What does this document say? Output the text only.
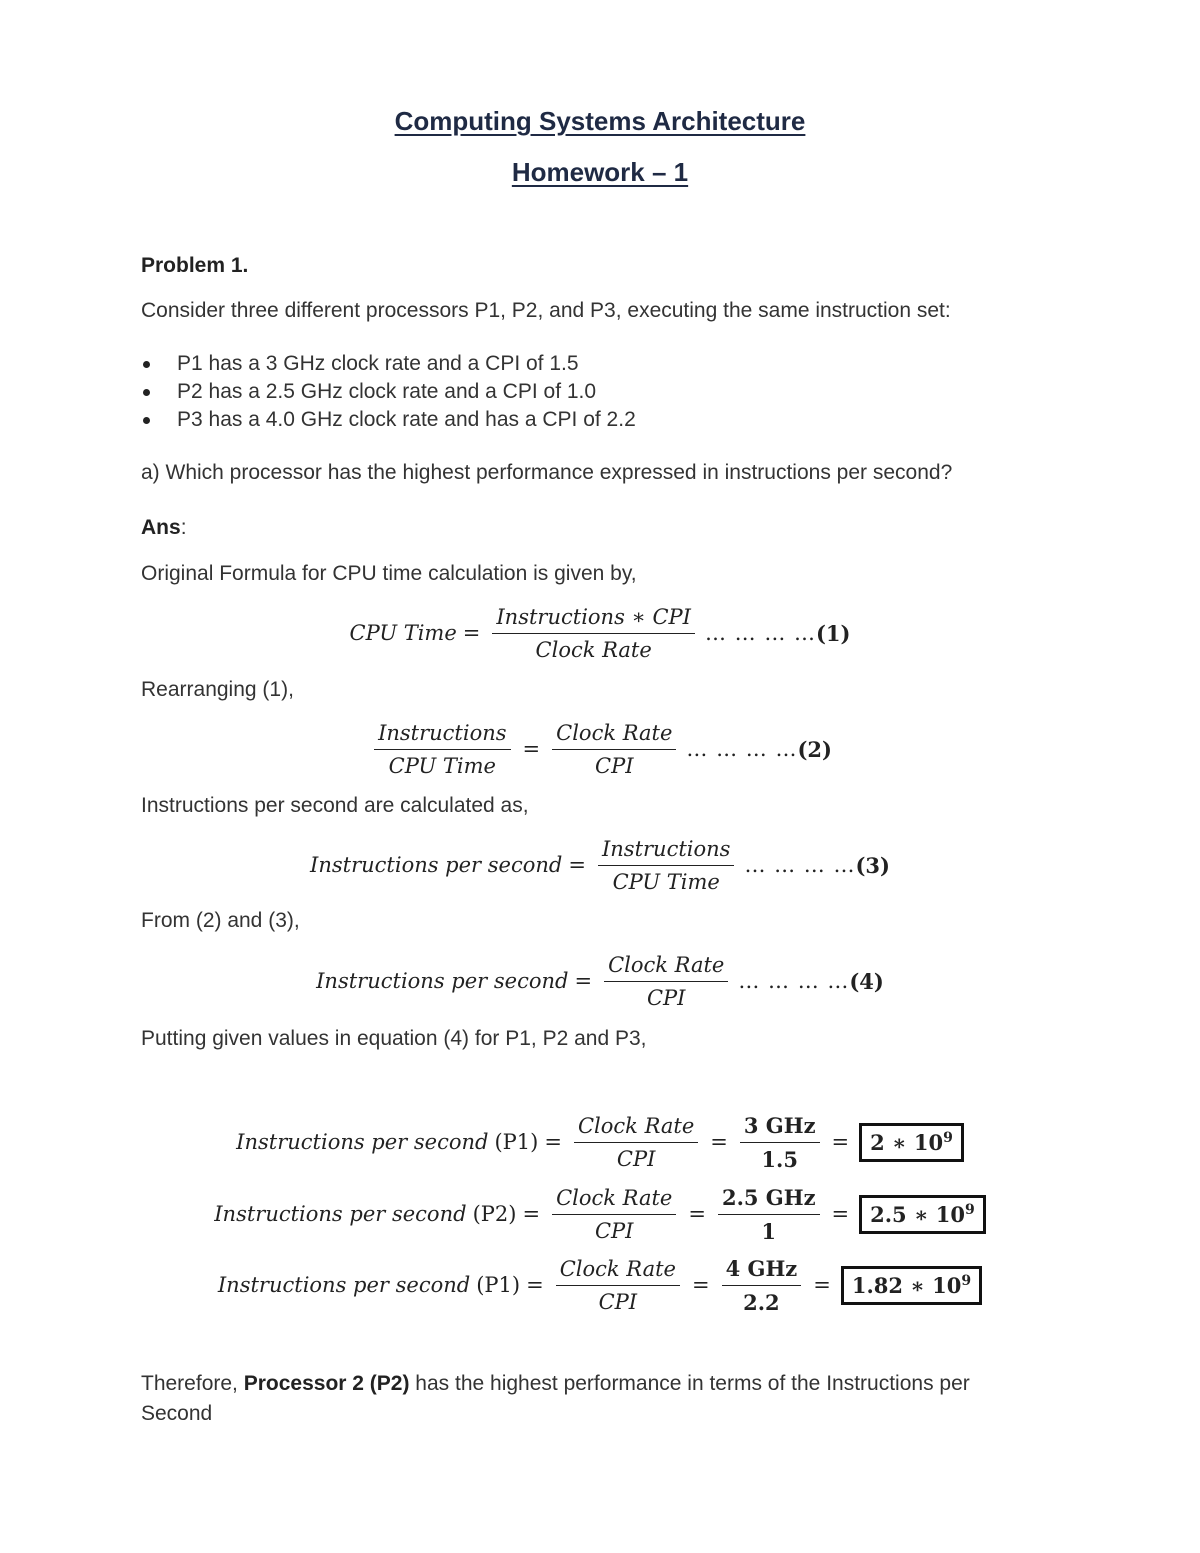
Computing Systems Architecture
Homework – 1
Problem 1.
Consider three different processors P1, P2, and P3, executing the same instruction set:
P1 has a 3 GHz clock rate and a CPI of 1.5
P2 has a 2.5 GHz clock rate and a CPI of 1.0
P3 has a 4.0 GHz clock rate and has a CPI of 2.2
a) Which processor has the highest performance expressed in instructions per second?
Ans:
Original Formula for CPU time calculation is given by,
CPU Time = $\frac{\text{Instructions ∗ CPI}}{\text{Clock Rate}}$ … … … … (1)
Rearranging (1),
$\frac{\text{Instructions}}{\text{CPU Time}} = \frac{\text{Clock Rate}}{\text{CPI}}$ … … … … (2)
Instructions per second are calculated as,
Instructions per second = $\frac{\text{Instructions}}{\text{CPU Time}}$ … … … … (3)
From (2) and (3),
Instructions per second = $\frac{\text{Clock Rate}}{\text{CPI}}$ … … … … (4)
Putting given values in equation (4) for P1, P2 and P3,
Instructions per second $(P1) = \frac{\text{Clock Rate}}{\text{CPI}} = \frac{\text{3 GHz}}{1.5}$ =	2 ∗ $10^9$
Instructions per second $(P2) = \frac{\text{Clock Rate}}{\text{CPI}} = \frac{\text{2.5 GHz}}{1}$ =	2.5 ∗ $10^9$
Instructions per second $(P1) = \frac{\text{Clock Rate}}{\text{CPI}} = \frac{\text{4 GHz}}{2.2}$ =	1.82 ∗ $10^9$
Therefore, Processor 2 (P2) has the highest performance in terms of the Instructions per
Second
